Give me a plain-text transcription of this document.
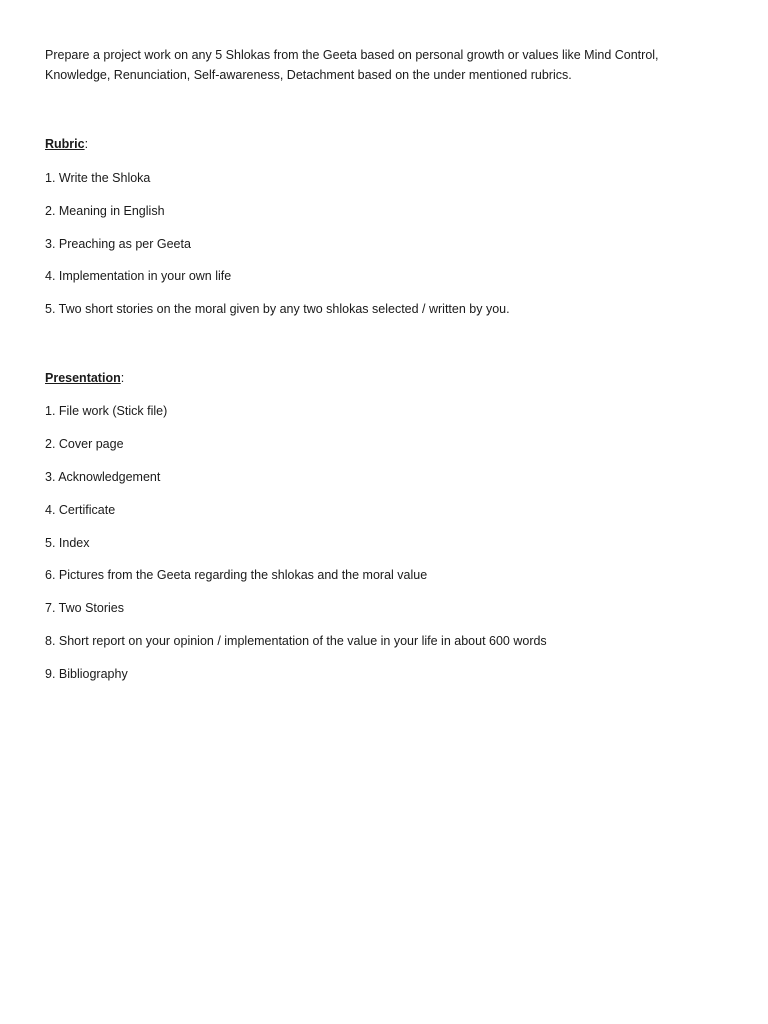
Prepare a project work on any 5 Shlokas from the Geeta based on personal growth or values like Mind Control, Knowledge, Renunciation, Self-awareness, Detachment based on the under mentioned rubrics.

Rubric:

1. Write the Shloka
2. Meaning in English
3. Preaching as per Geeta
4. Implementation in your own life
5. Two short stories on the moral given by any two shlokas selected / written by you.

Presentation:

1. File work (Stick file)
2. Cover page
3. Acknowledgement
4. Certificate
5. Index
6. Pictures from the Geeta regarding the shlokas and the moral value
7. Two Stories
8. Short report on your opinion / implementation of the value in your life in about 600 words
9. Bibliography
